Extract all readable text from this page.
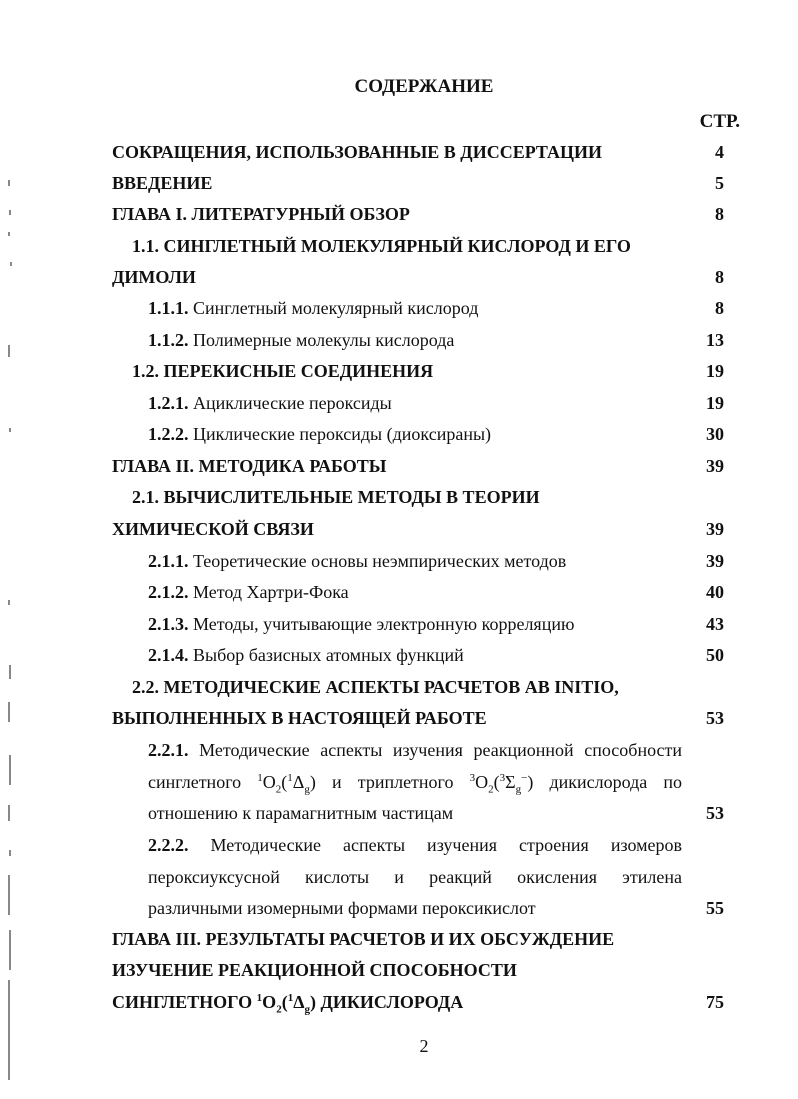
СОДЕРЖАНИЕ
СТР.
СОКРАЩЕНИЯ, ИСПОЛЬЗОВАННЫЕ В ДИССЕРТАЦИИ	4
ВВЕДЕНИЕ	5
ГЛАВА I. ЛИТЕРАТУРНЫЙ ОБЗОР	8
1.1. СИНГЛЕТНЫЙ МОЛЕКУЛЯРНЫЙ КИСЛОРОД И ЕГО
ДИМОЛИ	8
1.1.1. Синглетный молекулярный кислород	8
1.1.2. Полимерные молекулы кислорода	13
1.2. ПЕРЕКИСНЫЕ СОЕДИНЕНИЯ	19
1.2.1. Ациклические пероксиды	19
1.2.2. Циклические пероксиды (диоксираны)	30
ГЛАВА II. МЕТОДИКА РАБОТЫ	39
2.1. ВЫЧИСЛИТЕЛЬНЫЕ МЕТОДЫ В ТЕОРИИ
ХИМИЧЕСКОЙ СВЯЗИ	39
2.1.1. Теоретические основы неэмпирических методов	39
2.1.2. Метод Хартри-Фока	40
2.1.3. Методы, учитывающие электронную корреляцию	43
2.1.4. Выбор базисных атомных функций	50
2.2. МЕТОДИЧЕСКИЕ АСПЕКТЫ РАСЧЕТОВ AB INITIO,
ВЫПОЛНЕННЫХ В НАСТОЯЩЕЙ РАБОТЕ	53
2.2.1. Методические аспекты изучения реакционной способности
синглетного $^1O_2(^1\Delta_g)$ и триплетного $^3O_2(^3\Sigma_g^-)$ дикислорода по
отношению к парамагнитным частицам	53
2.2.2. Методические аспекты изучения строения изомеров
пероксиуксусной кислоты и реакций окисления этилена
различными изомерными формами пероксикислот	55
ГЛАВА III. РЕЗУЛЬТАТЫ РАСЧЕТОВ И ИХ ОБСУЖДЕНИЕ
ИЗУЧЕНИЕ РЕАКЦИОННОЙ СПОСОБНОСТИ
СИНГЛЕТНОГО $^1O_2(^1\Delta_g)$ ДИКИСЛОРОДА	75
2
